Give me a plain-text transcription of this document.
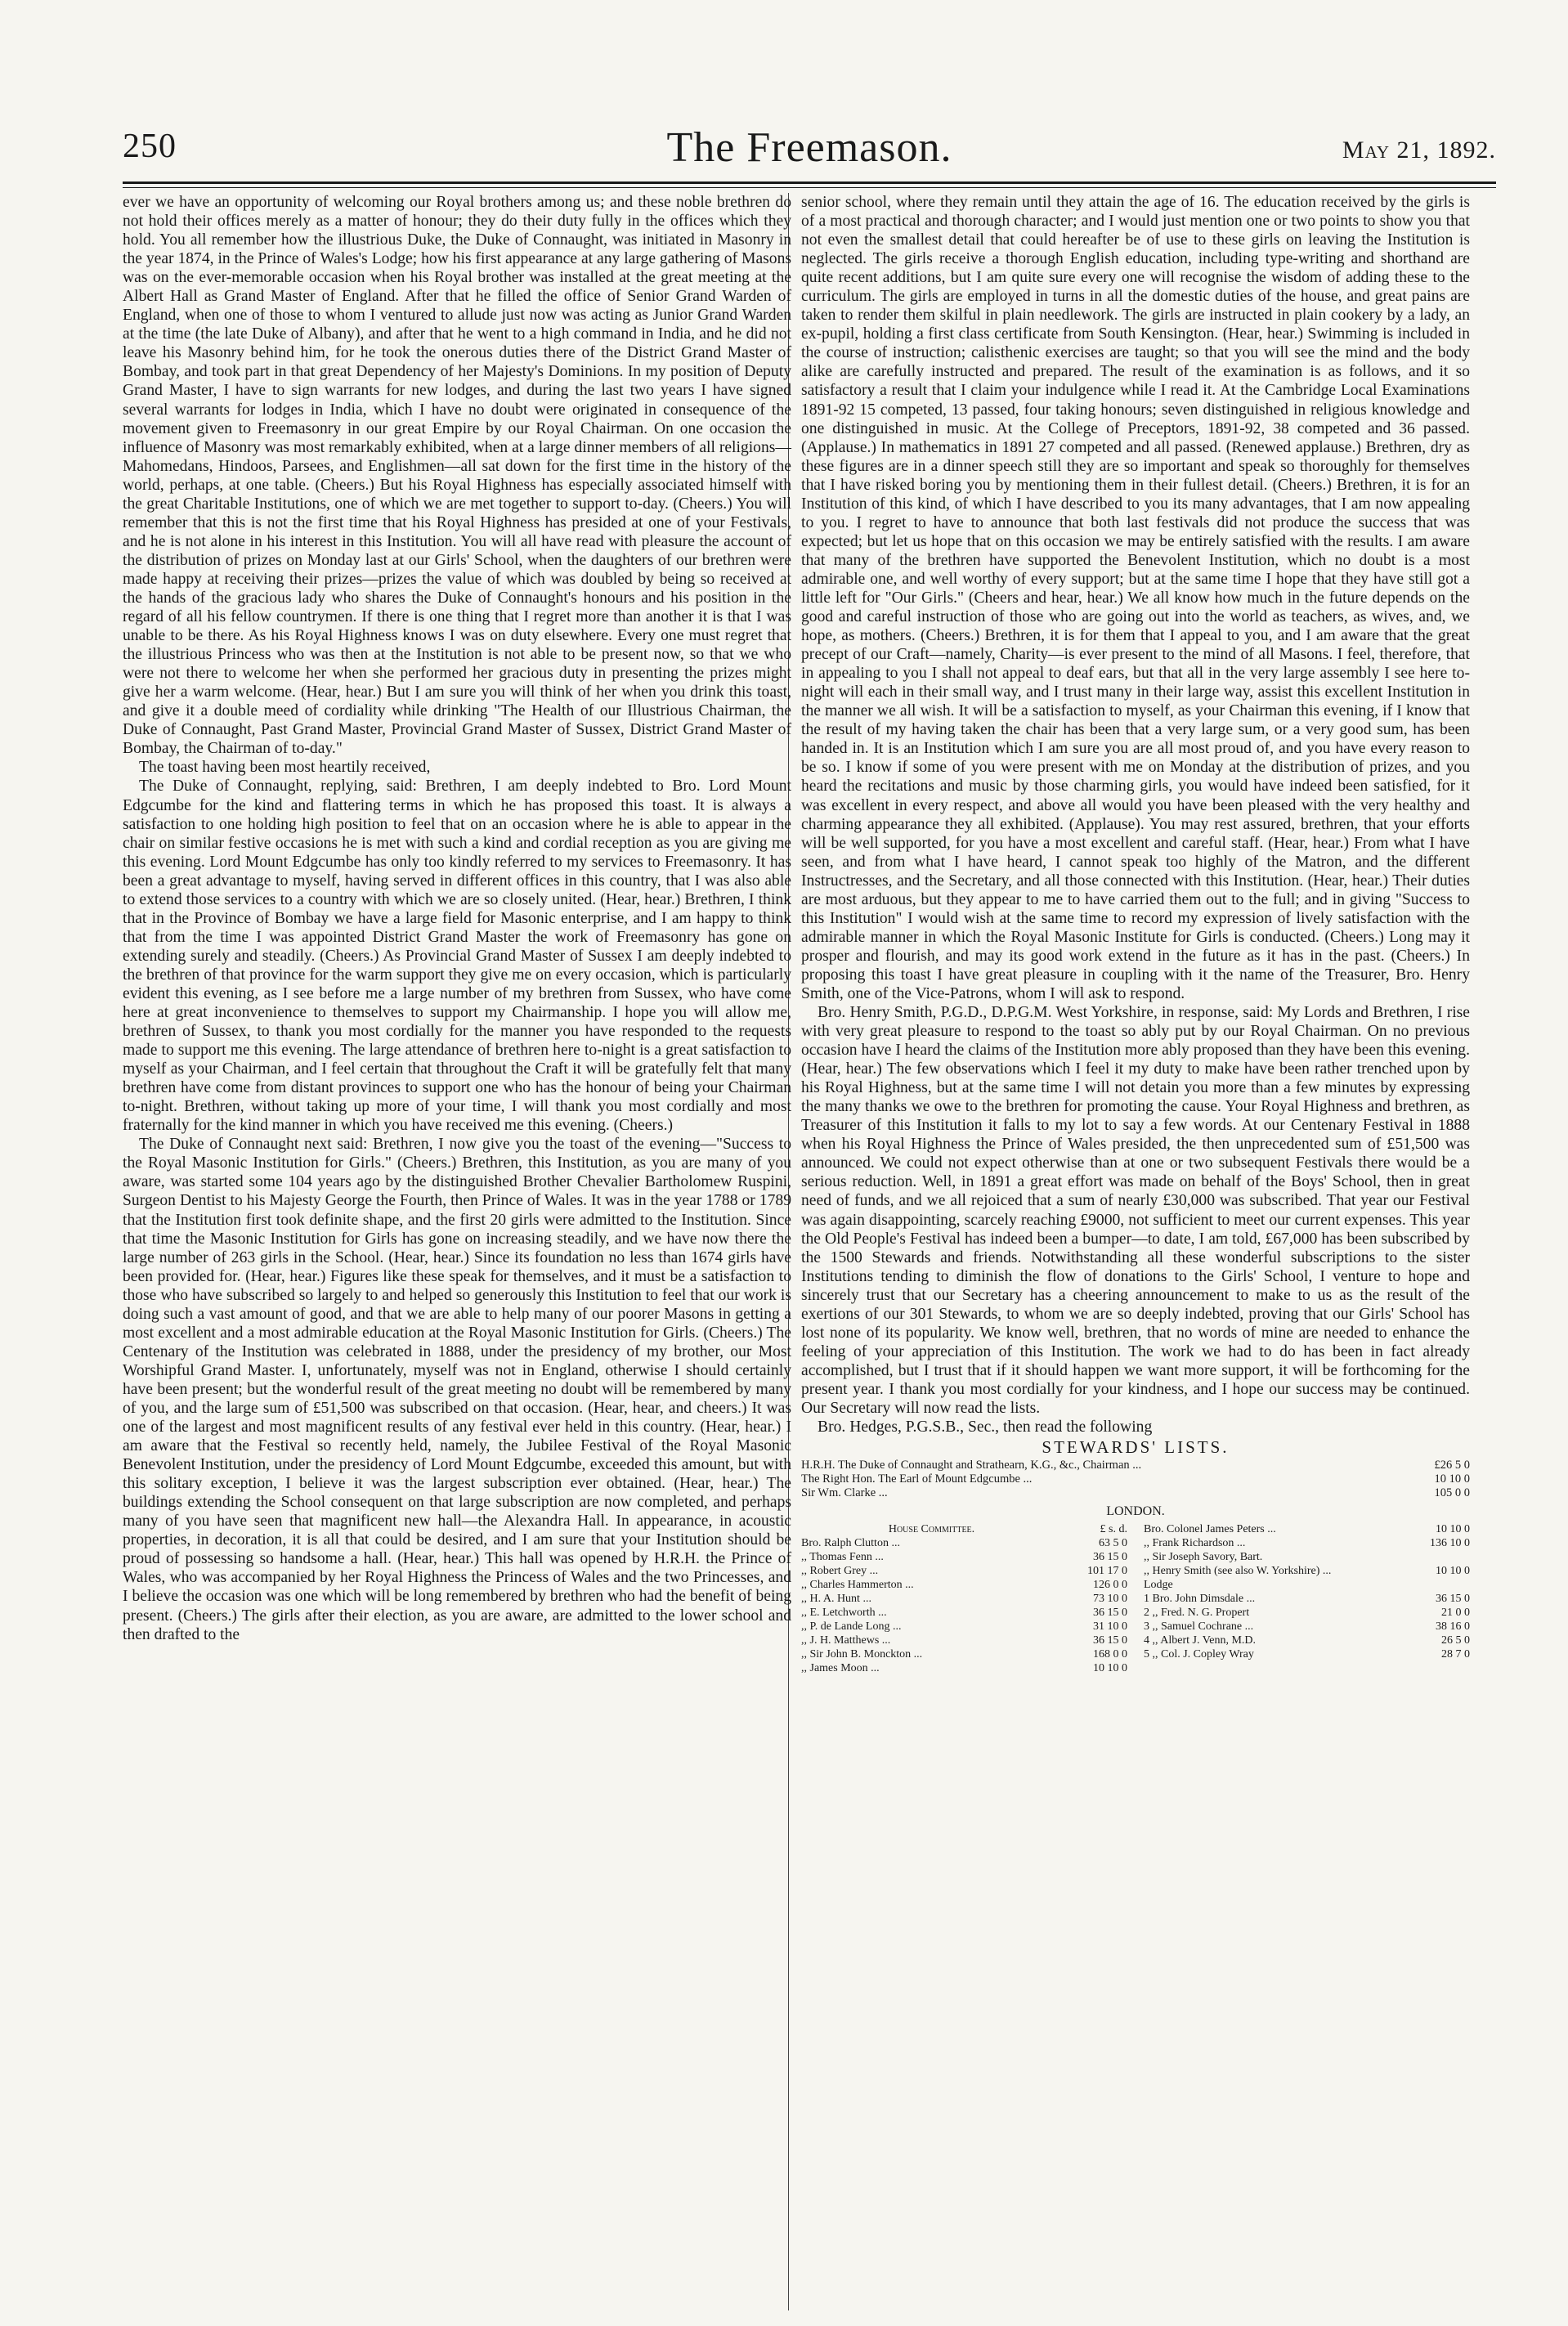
250	The Freemason.	May 21, 1892.

ever we have an opportunity of welcoming our Royal brothers among us; and these noble brethren do not hold their offices merely as a matter of honour; they do their duty fully in the offices which they hold. You all remember how the illustrious Duke, the Duke of Connaught, was initiated in Masonry in the year 1874, in the Prince of Wales's Lodge; how his first appearance at any large gathering of Masons was on the ever-memorable occasion when his Royal brother was installed at the great meeting at the Albert Hall as Grand Master of England. After that he filled the office of Senior Grand Warden of England, when one of those to whom I ventured to allude just now was acting as Junior Grand Warden at the time (the late Duke of Albany), and after that he went to a high command in India, and he did not leave his Masonry behind him, for he took the onerous duties there of the District Grand Master of Bombay, and took part in that great Dependency of her Majesty's Dominions. In my position of Deputy Grand Master, I have to sign warrants for new lodges, and during the last two years I have signed several warrants for lodges in India, which I have no doubt were originated in consequence of the movement given to Freemasonry in our great Empire by our Royal Chairman. On one occasion the influence of Masonry was most remarkably exhibited, when at a large dinner members of all religions—Mahomedans, Hindoos, Parsees, and Englishmen—all sat down for the first time in the history of the world, perhaps, at one table. (Cheers.) But his Royal Highness has especially associated himself with the great Charitable Institutions, one of which we are met together to support to-day. (Cheers.) You will remember that this is not the first time that his Royal Highness has presided at one of your Festivals, and he is not alone in his interest in this Institution. You will all have read with pleasure the account of the distribution of prizes on Monday last at our Girls' School, when the daughters of our brethren were made happy at receiving their prizes—prizes the value of which was doubled by being so received at the hands of the gracious lady who shares the Duke of Connaught's honours and his position in the regard of all his fellow countrymen. If there is one thing that I regret more than another it is that I was unable to be there. As his Royal Highness knows I was on duty elsewhere. Every one must regret that the illustrious Princess who was then at the Institution is not able to be present now, so that we who were not there to welcome her when she performed her gracious duty in presenting the prizes might give her a warm welcome. (Hear, hear.) But I am sure you will think of her when you drink this toast, and give it a double meed of cordiality while drinking "The Health of our Illustrious Chairman, the Duke of Connaught, Past Grand Master, Provincial Grand Master of Sussex, District Grand Master of Bombay, the Chairman of to-day."

The toast having been most heartily received,

The Duke of Connaught, replying, said: Brethren, I am deeply indebted to Bro. Lord Mount Edgcumbe for the kind and flattering terms in which he has proposed this toast. It is always a satisfaction to one holding high position to feel that on an occasion where he is able to appear in the chair on similar festive occasions he is met with such a kind and cordial reception as you are giving me this evening. Lord Mount Edgcumbe has only too kindly referred to my services to Freemasonry. It has been a great advantage to myself, having served in different offices in this country, that I was also able to extend those services to a country with which we are so closely united. (Hear, hear.) Brethren, I think that in the Province of Bombay we have a large field for Masonic enterprise, and I am happy to think that from the time I was appointed District Grand Master the work of Freemasonry has gone on extending surely and steadily. (Cheers.) As Provincial Grand Master of Sussex I am deeply indebted to the brethren of that province for the warm support they give me on every occasion, which is particularly evident this evening, as I see before me a large number of my brethren from Sussex, who have come here at great inconvenience to themselves to support my Chairmanship. I hope you will allow me, brethren of Sussex, to thank you most cordially for the manner you have responded to the requests made to support me this evening. The large attendance of brethren here to-night is a great satisfaction to myself as your Chairman, and I feel certain that throughout the Craft it will be gratefully felt that many brethren have come from distant provinces to support one who has the honour of being your Chairman to-night. Brethren, without taking up more of your time, I will thank you most cordially and most fraternally for the kind manner in which you have received me this evening. (Cheers.)

The Duke of Connaught next said: Brethren, I now give you the toast of the evening—"Success to the Royal Masonic Institution for Girls." (Cheers.) Brethren, this Institution, as you are many of you aware, was started some 104 years ago by the distinguished Brother Chevalier Bartholomew Ruspini, Surgeon Dentist to his Majesty George the Fourth, then Prince of Wales. It was in the year 1788 or 1789 that the Institution first took definite shape, and the first 20 girls were admitted to the Institution. Since that time the Masonic Institution for Girls has gone on increasing steadily, and we have now there the large number of 263 girls in the School. (Hear, hear.) Since its foundation no less than 1674 girls have been provided for. (Hear, hear.) Figures like these speak for themselves, and it must be a satisfaction to those who have subscribed so largely to and helped so generously this Institution to feel that our work is doing such a vast amount of good, and that we are able to help many of our poorer Masons in getting a most excellent and a most admirable education at the Royal Masonic Institution for Girls. (Cheers.) The Centenary of the Institution was celebrated in 1888, under the presidency of my brother, our Most Worshipful Grand Master. I, unfortunately, myself was not in England, otherwise I should certainly have been present; but the wonderful result of the great meeting no doubt will be remembered by many of you, and the large sum of £51,500 was subscribed on that occasion. (Hear, hear, and cheers.) It was one of the largest and most magnificent results of any festival ever held in this country. (Hear, hear.) I am aware that the Festival so recently held, namely, the Jubilee Festival of the Royal Masonic Benevolent Institution, under the presidency of Lord Mount Edgcumbe, exceeded this amount, but with this solitary exception, I believe it was the largest subscription ever obtained. (Hear, hear.) The buildings extending the School consequent on that large subscription are now completed, and perhaps many of you have seen that magnificent new hall—the Alexandra Hall. In appearance, in acoustic properties, in decoration, it is all that could be desired, and I am sure that your Institution should be proud of possessing so handsome a hall. (Hear, hear.) This hall was opened by H.R.H. the Prince of Wales, who was accompanied by her Royal Highness the Princess of Wales and the two Princesses, and I believe the occasion was one which will be long remembered by brethren who had the benefit of being present. (Cheers.) The girls after their election, as you are aware, are admitted to the lower school and then drafted to the

senior school, where they remain until they attain the age of 16. The education received by the girls is of a most practical and thorough character; and I would just mention one or two points to show you that not even the smallest detail that could hereafter be of use to these girls on leaving the Institution is neglected. The girls receive a thorough English education, including type-writing and shorthand are quite recent additions, but I am quite sure every one will recognise the wisdom of adding these to the curriculum. The girls are employed in turns in all the domestic duties of the house, and great pains are taken to render them skilful in plain needlework. The girls are instructed in plain cookery by a lady, an ex-pupil, holding a first class certificate from South Kensington. (Hear, hear.) Swimming is included in the course of instruction; calisthenic exercises are taught; so that you will see the mind and the body alike are carefully instructed and prepared. The result of the examination is as follows, and it so satisfactory a result that I claim your indulgence while I read it. At the Cambridge Local Examinations 1891-92 15 competed, 13 passed, four taking honours; seven distinguished in religious knowledge and one distinguished in music. At the College of Preceptors, 1891-92, 38 competed and 36 passed. (Applause.) In mathematics in 1891 27 competed and all passed. (Renewed applause.) Brethren, dry as these figures are in a dinner speech still they are so important and speak so thoroughly for themselves that I have risked boring you by mentioning them in their fullest detail. (Cheers.) Brethren, it is for an Institution of this kind, of which I have described to you its many advantages, that I am now appealing to you. I regret to have to announce that both last festivals did not produce the success that was expected; but let us hope that on this occasion we may be entirely satisfied with the results. I am aware that many of the brethren have supported the Benevolent Institution, which no doubt is a most admirable one, and well worthy of every support; but at the same time I hope that they have still got a little left for "Our Girls." (Cheers and hear, hear.) We all know how much in the future depends on the good and careful instruction of those who are going out into the world as teachers, as wives, and, we hope, as mothers. (Cheers.) Brethren, it is for them that I appeal to you, and I am aware that the great precept of our Craft—namely, Charity—is ever present to the mind of all Masons. I feel, therefore, that in appealing to you I shall not appeal to deaf ears, but that all in the very large assembly I see here to-night will each in their small way, and I trust many in their large way, assist this excellent Institution in the manner we all wish. It will be a satisfaction to myself, as your Chairman this evening, if I know that the result of my having taken the chair has been that a very large sum, or a very good sum, has been handed in. It is an Institution which I am sure you are all most proud of, and you have every reason to be so. I know if some of you were present with me on Monday at the distribution of prizes, and you heard the recitations and music by those charming girls, you would have indeed been satisfied, for it was excellent in every respect, and above all would you have been pleased with the very healthy and charming appearance they all exhibited. (Applause). You may rest assured, brethren, that your efforts will be well supported, for you have a most excellent and careful staff. (Hear, hear.) From what I have seen, and from what I have heard, I cannot speak too highly of the Matron, and the different Instructresses, and the Secretary, and all those connected with this Institution. (Hear, hear.) Their duties are most arduous, but they appear to me to have carried them out to the full; and in giving "Success to this Institution" I would wish at the same time to record my expression of lively satisfaction with the admirable manner in which the Royal Masonic Institute for Girls is conducted. (Cheers.) Long may it prosper and flourish, and may its good work extend in the future as it has in the past. (Cheers.) In proposing this toast I have great pleasure in coupling with it the name of the Treasurer, Bro. Henry Smith, one of the Vice-Patrons, whom I will ask to respond.

Bro. Henry Smith, P.G.D., D.P.G.M. West Yorkshire, in response, said: My Lords and Brethren, I rise with very great pleasure to respond to the toast so ably put by our Royal Chairman. On no previous occasion have I heard the claims of the Institution more ably proposed than they have been this evening. (Hear, hear.) The few observations which I feel it my duty to make have been rather trenched upon by his Royal Highness, but at the same time I will not detain you more than a few minutes by expressing the many thanks we owe to the brethren for promoting the cause. Your Royal Highness and brethren, as Treasurer of this Institution it falls to my lot to say a few words. At our Centenary Festival in 1888 when his Royal Highness the Prince of Wales presided, the then unprecedented sum of £51,500 was announced. We could not expect otherwise than at one or two subsequent Festivals there would be a serious reduction. Well, in 1891 a great effort was made on behalf of the Boys' School, then in great need of funds, and we all rejoiced that a sum of nearly £30,000 was subscribed. That year our Festival was again disappointing, scarcely reaching £9000, not sufficient to meet our current expenses. This year the Old People's Festival has indeed been a bumper—to date, I am told, £67,000 has been subscribed by the 1500 Stewards and friends. Notwithstanding all these wonderful subscriptions to the sister Institutions tending to diminish the flow of donations to the Girls' School, I venture to hope and sincerely trust that our Secretary has a cheering announcement to make to us as the result of the exertions of our 301 Stewards, to whom we are so deeply indebted, proving that our Girls' School has lost none of its popularity. We know well, brethren, that no words of mine are needed to enhance the feeling of your appreciation of this Institution. The work we had to do has been in fact already accomplished, but I trust that if it should happen we want more support, it will be forthcoming for the present year. I thank you most cordially for your kindness, and I hope our success may be continued. Our Secretary will now read the lists.

Bro. Hedges, P.G.S.B., Sec., then read the following

STEWARDS' LISTS.
H.R.H. The Duke of Connaught and Strathearn, K.G., &c., Chairman ...	£26 5 0
The Right Hon. The Earl of Mount Edgcumbe ...	10 10 0
Sir Wm. Clarke ...	105 0 0
LONDON.
House Committee.	£ s. d.
Bro. Ralph Clutton ...	63 5 0
,, Thomas Fenn ...	36 15 0
,, Robert Grey ...	101 17 0
,, Charles Hammerton ...	126 0 0
,, H. A. Hunt ...	73 10 0
,, E. Letchworth ...	36 15 0
,, P. de Lande Long ...	31 10 0
,, J. H. Matthews ...	36 15 0
,, Sir John B. Monckton ...	168 0 0
,, James Moon ...	10 10 0
Bro. Colonel James Peters ...	10 10 0
,, Frank Richardson ...	136 10 0
,, Sir Joseph Savory, Bart.
,, Henry Smith (see also W. Yorkshire) ...	10 10 0
Lodge
1 Bro. John Dimsdale ...	36 15 0
2 ,, Fred. N. G. Propert	21 0 0
3 ,, Samuel Cochrane ...	38 16 0
4 ,, Albert J. Venn, M.D.	26 5 0
5 ,, Col. J. Copley Wray	28 7 0
